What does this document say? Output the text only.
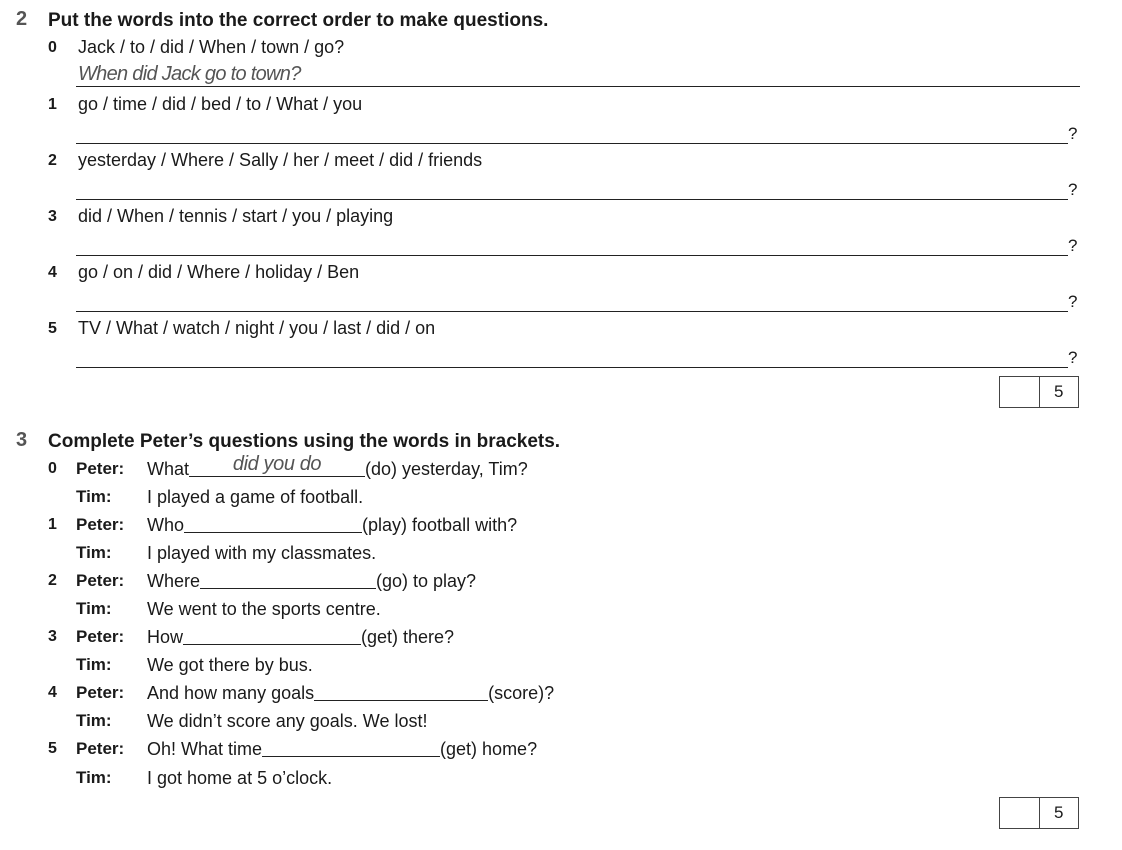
2 Put the words into the correct order to make questions.
0 Jack / to / did / When / town / go?
When did Jack go to town?
1 go / time / did / bed / to / What / you
?
2 yesterday / Where / Sally / her / meet / did / friends
?
3 did / When / tennis / start / you / playing
?
4 go / on / did / Where / holiday / Ben
?
5 TV / What / watch / night / you / last / did / on
?
5
3 Complete Peter’s questions using the words in brackets.
0 Peter: What	did you do	(do) yesterday, Tim?
Tim: I played a game of football.
1 Peter: Who	(play) football with?
Tim: I played with my classmates.
2 Peter: Where	(go) to play?
Tim: We went to the sports centre.
3 Peter: How	(get) there?
Tim: We got there by bus.
4 Peter: And how many goals	(score)?
Tim: We didn’t score any goals. We lost!
5 Peter: Oh! What time	(get) home?
Tim: I got home at 5 o’clock.
5
